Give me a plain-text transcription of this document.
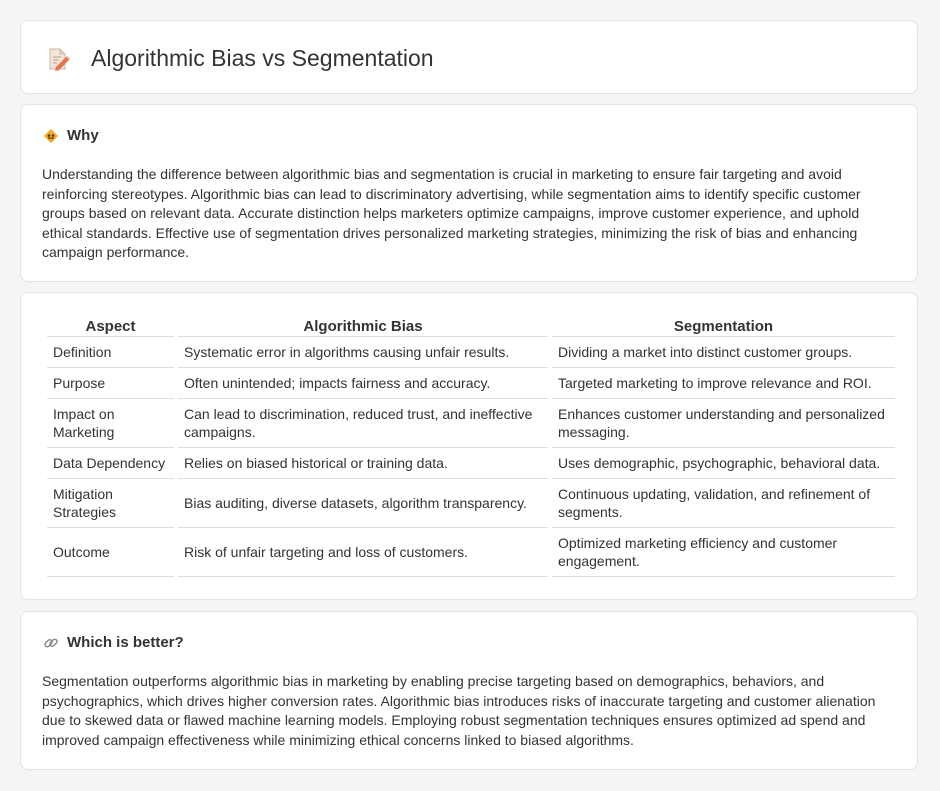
Algorithmic Bias vs Segmentation
Why

Understanding the difference between algorithmic bias and segmentation is crucial in marketing to ensure fair targeting and avoid reinforcing stereotypes. Algorithmic bias can lead to discriminatory advertising, while segmentation aims to identify specific customer groups based on relevant data. Accurate distinction helps marketers optimize campaigns, improve customer experience, and uphold ethical standards. Effective use of segmentation drives personalized marketing strategies, minimizing the risk of bias and enhancing campaign performance.

Aspect	Algorithmic Bias	Segmentation
Definition	Systematic error in algorithms causing unfair results.	Dividing a market into distinct customer groups.
Purpose	Often unintended; impacts fairness and accuracy.	Targeted marketing to improve relevance and ROI.
Impact on Marketing	Can lead to discrimination, reduced trust, and ineffective campaigns.	Enhances customer understanding and personalized messaging.
Data Dependency	Relies on biased historical or training data.	Uses demographic, psychographic, behavioral data.
Mitigation Strategies	Bias auditing, diverse datasets, algorithm transparency.	Continuous updating, validation, and refinement of segments.
Outcome	Risk of unfair targeting and loss of customers.	Optimized marketing efficiency and customer engagement.
Which is better?

Segmentation outperforms algorithmic bias in marketing by enabling precise targeting based on demographics, behaviors, and psychographics, which drives higher conversion rates. Algorithmic bias introduces risks of inaccurate targeting and customer alienation due to skewed data or flawed machine learning models. Employing robust segmentation techniques ensures optimized ad spend and improved campaign effectiveness while minimizing ethical concerns linked to biased algorithms.
